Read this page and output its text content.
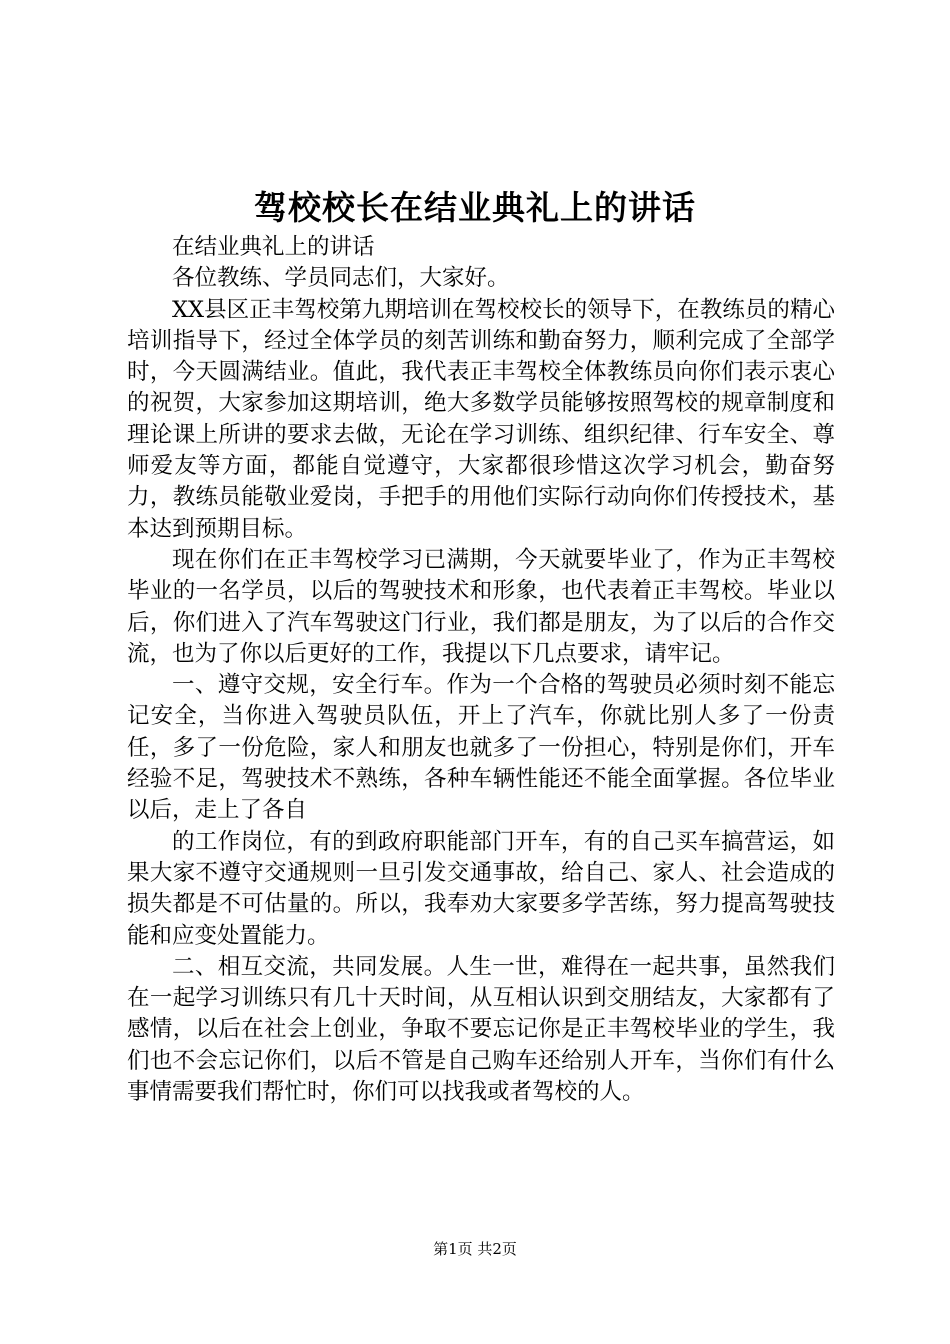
驾校校长在结业典礼上的讲话

在结业典礼上的讲话

各位教练、学员同志们，大家好。

XX县区正丰驾校第九期培训在驾校校长的领导下，在教练员的精心培训指导下，经过全体学员的刻苦训练和勤奋努力，顺利完成了全部学时，今天圆满结业。值此，我代表正丰驾校全体教练员向你们表示衷心的祝贺，大家参加这期培训，绝大多数学员能够按照驾校的规章制度和理论课上所讲的要求去做，无论在学习训练、组织纪律、行车安全、尊师爱友等方面，都能自觉遵守，大家都很珍惜这次学习机会，勤奋努力，教练员能敬业爱岗，手把手的用他们实际行动向你们传授技术，基本达到预期目标。

现在你们在正丰驾校学习已满期，今天就要毕业了，作为正丰驾校毕业的一名学员，以后的驾驶技术和形象，也代表着正丰驾校。毕业以后，你们进入了汽车驾驶这门行业，我们都是朋友，为了以后的合作交流，也为了你以后更好的工作，我提以下几点要求，请牢记。

一、遵守交规，安全行车。作为一个合格的驾驶员必须时刻不能忘记安全，当你进入驾驶员队伍，开上了汽车，你就比别人多了一份责任，多了一份危险，家人和朋友也就多了一份担心，特别是你们，开车经验不足，驾驶技术不熟练，各种车辆性能还不能全面掌握。各位毕业以后，走上了各自

的工作岗位，有的到政府职能部门开车，有的自己买车搞营运，如果大家不遵守交通规则一旦引发交通事故，给自己、家人、社会造成的损失都是不可估量的。所以，我奉劝大家要多学苦练，努力提高驾驶技能和应变处置能力。

二、相互交流，共同发展。人生一世，难得在一起共事，虽然我们在一起学习训练只有几十天时间，从互相认识到交朋结友，大家都有了感情，以后在社会上创业，争取不要忘记你是正丰驾校毕业的学生，我们也不会忘记你们，以后不管是自己购车还给别人开车，当你们有什么事情需要我们帮忙时，你们可以找我或者驾校的人。

第1页 共2页
